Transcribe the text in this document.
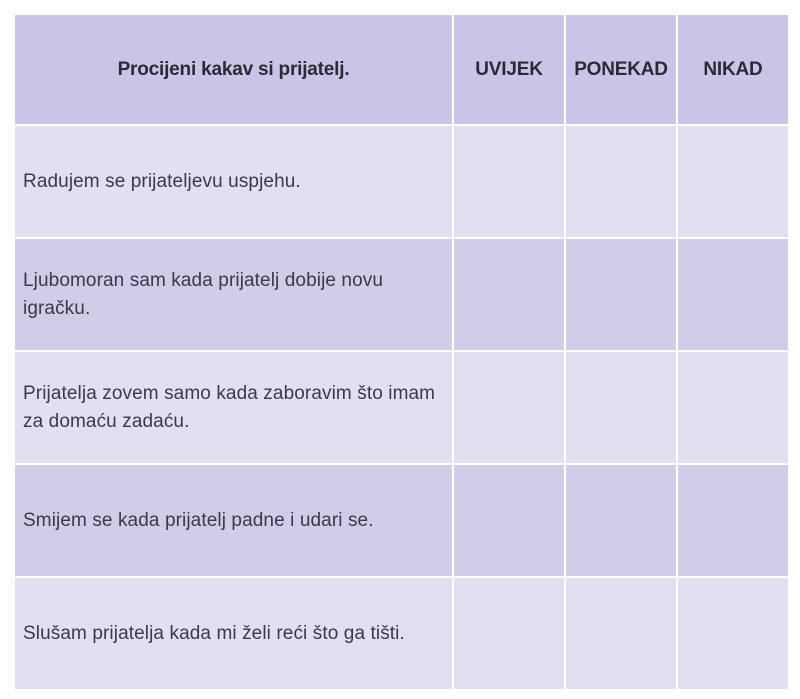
Procijeni kakav si prijatelj.	UVIJEK	PONEKAD	NIKAD
Radujem se prijateljevu uspjehu.			
Ljubomoran sam kada prijatelj dobije novu igračku.			
Prijatelja zovem samo kada zaboravim što imam za domaću zadaću.			
Smijem se kada prijatelj padne i udari se.			
Slušam prijatelja kada mi želi reći što ga tišti.			
